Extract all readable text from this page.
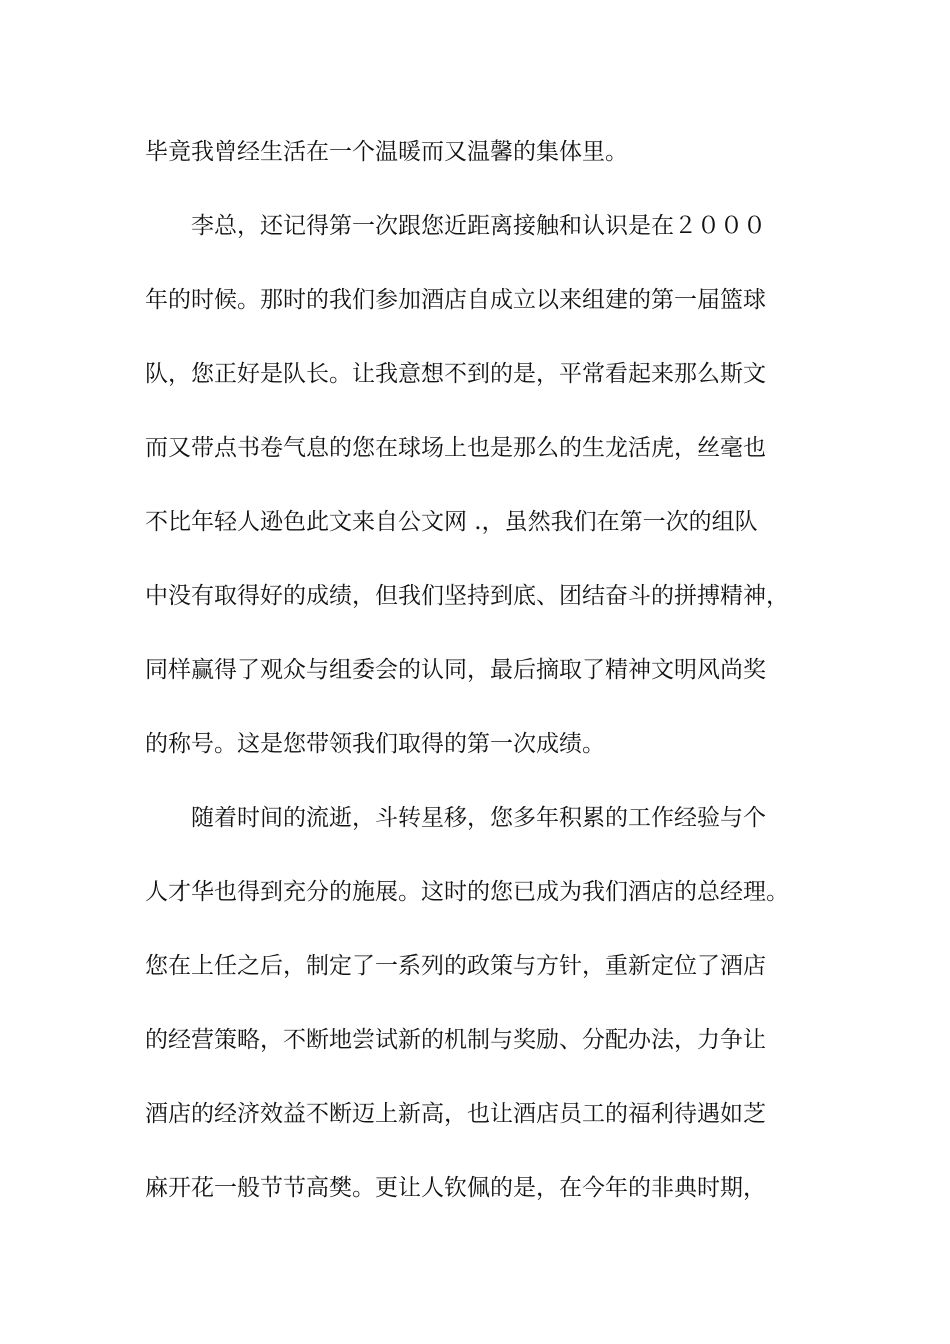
毕竟我曾经生活在一个温暖而又温馨的集体里。
　　李总，还记得第一次跟您近距离接触和认识是在２０００
年的时候。那时的我们参加酒店自成立以来组建的第一届篮球
队，您正好是队长。让我意想不到的是，平常看起来那么斯文
而又带点书卷气息的您在球场上也是那么的生龙活虎，丝毫也
不比年轻人逊色此文来自公文网 .，虽然我们在第一次的组队
中没有取得好的成绩，但我们坚持到底、团结奋斗的拼搏精神，
同样赢得了观众与组委会的认同，最后摘取了精神文明风尚奖
的称号。这是您带领我们取得的第一次成绩。
　　随着时间的流逝，斗转星移，您多年积累的工作经验与个
人才华也得到充分的施展。这时的您已成为我们酒店的总经理。
您在上任之后，制定了一系列的政策与方针，重新定位了酒店
的经营策略，不断地尝试新的机制与奖励、分配办法，力争让
酒店的经济效益不断迈上新高，也让酒店员工的福利待遇如芝
麻开花一般节节高樊。更让人钦佩的是，在今年的非典时期，
